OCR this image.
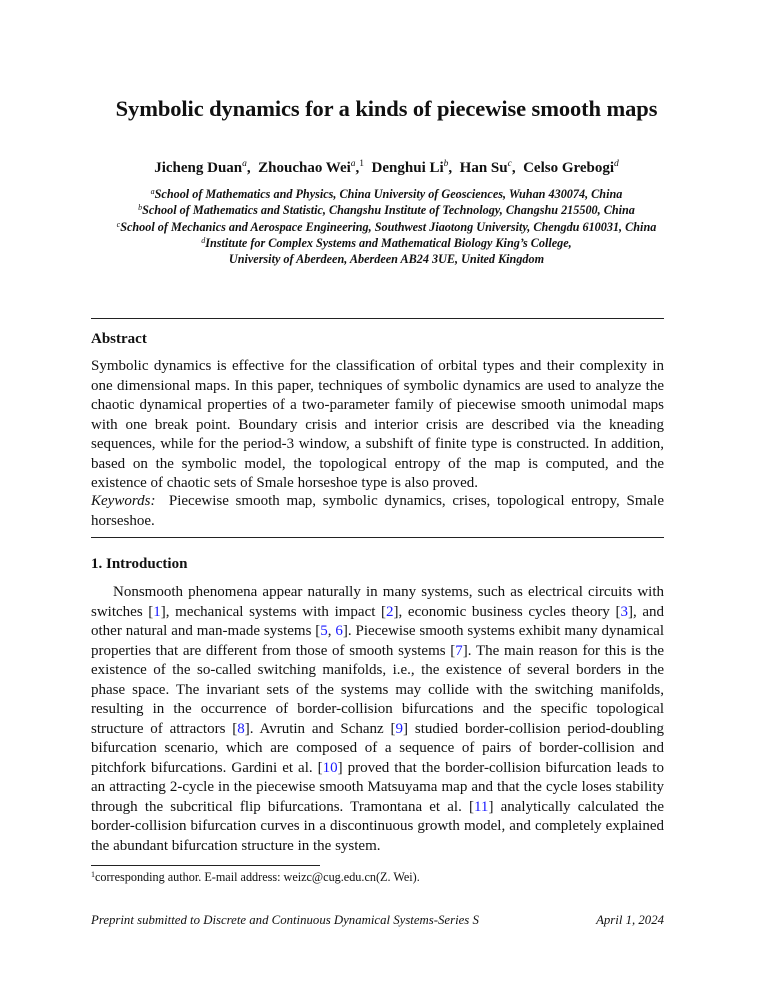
Symbolic dynamics for a kinds of piecewise smooth maps
Jicheng Duan$^a$,  Zhouchao Wei$^a$,$^1$ Denghui Li$^b$,  Han Su$^c$,  Celso Grebogi$^d$
$^a$School of Mathematics and Physics, China University of Geosciences, Wuhan 430074, China
$^b$School of Mathematics and Statistic, Changshu Institute of Technology, Changshu 215500, China
$^c$School of Mechanics and Aerospace Engineering, Southwest Jiaotong University, Chengdu 610031, China
$^d$Institute for Complex Systems and Mathematical Biology King’s College,
University of Aberdeen, Aberdeen AB24 3UE, United Kingdom
Abstract
Symbolic dynamics is effective for the classification of orbital types and their complexity in one dimensional maps. In this paper, techniques of symbolic dynamics are used to analyze the chaotic dynamical properties of a two-parameter family of piecewise smooth unimodal maps with one break point. Boundary crisis and interior crisis are described via the kneading sequences, while for the period-3 window, a subshift of finite type is constructed. In addition, based on the symbolic model, the topological entropy of the map is computed, and the existence of chaotic sets of Smale horseshoe type is also proved.
Keywords: Piecewise smooth map, symbolic dynamics, crises, topological entropy, Smale horseshoe.
1. Introduction
Nonsmooth phenomena appear naturally in many systems, such as electrical circuits with switches [1], mechanical systems with impact [2], economic business cycles theory [3], and other natural and man-made systems [5, 6]. Piecewise smooth systems exhibit many dynamical properties that are different from those of smooth systems [7]. The main reason for this is the existence of the so-called switching manifolds, i.e., the existence of several borders in the phase space. The invariant sets of the systems may collide with the switching manifolds, resulting in the occurrence of border-collision bifurcations and the specific topological structure of attractors [8]. Avrutin and Schanz [9] studied border-collision period-doubling bifurcation scenario, which are composed of a sequence of pairs of border-collision and pitchfork bifurcations. Gardini et al. [10] proved that the border-collision bifurcation leads to an attracting 2-cycle in the piecewise smooth Matsuyama map and that the cycle loses stability through the subcritical flip bifurcations. Tramontana et al. [11] analytically calculated the border-collision bifurcation curves in a discontinuous growth model, and completely explained the abundant bifurcation structure in the system.
$^1$corresponding author. E-mail address: weizc@cug.edu.cn(Z. Wei).
Preprint submitted to Discrete and Continuous Dynamical Systems-Series S	April 1, 2024
